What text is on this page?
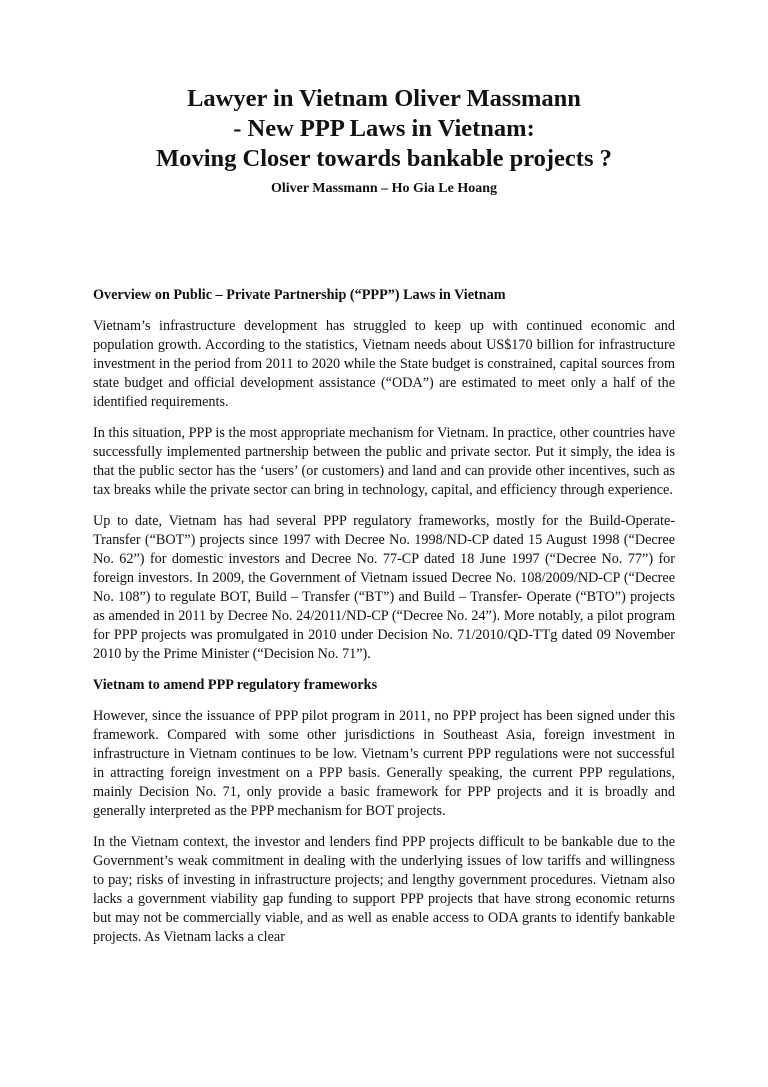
Lawyer in Vietnam Oliver Massmann

- New PPP Laws in Vietnam:

Moving Closer towards bankable projects ?

Oliver Massmann – Ho Gia Le Hoang

Overview on Public – Private Partnership (“PPP”) Laws in Vietnam

Vietnam’s infrastructure development has struggled to keep up with continued economic and population growth. According to the statistics, Vietnam needs about US$170 billion for infrastructure investment in the period from 2011 to 2020 while the State budget is constrained, capital sources from state budget and official development assistance (“ODA”) are estimated to meet only a half of the identified requirements.

In this situation, PPP is the most appropriate mechanism for Vietnam. In practice, other countries have successfully implemented partnership between the public and private sector. Put it simply, the idea is that the public sector has the ‘users’ (or customers) and land and can provide other incentives, such as tax breaks while the private sector can bring in technology, capital, and efficiency through experience.

Up to date, Vietnam has had several PPP regulatory frameworks, mostly for the Build-Operate-Transfer (“BOT”) projects since 1997 with Decree No. 1998/ND-CP dated 15 August 1998 (“Decree No. 62”) for domestic investors and Decree No. 77-CP dated 18 June 1997 (“Decree No. 77”) for foreign investors. In 2009, the Government of Vietnam issued Decree No. 108/2009/ND-CP (“Decree No. 108”) to regulate BOT, Build – Transfer (“BT”) and Build – Transfer- Operate (“BTO”) projects as amended in 2011 by Decree No. 24/2011/ND-CP (“Decree No. 24”). More notably, a pilot program for PPP projects was promulgated in 2010 under Decision No. 71/2010/QD-TTg dated 09 November 2010 by the Prime Minister (“Decision No. 71”).

Vietnam to amend PPP regulatory frameworks

However, since the issuance of PPP pilot program in 2011, no PPP project has been signed under this framework. Compared with some other jurisdictions in Southeast Asia, foreign investment in infrastructure in Vietnam continues to be low. Vietnam’s current PPP regulations were not successful in attracting foreign investment on a PPP basis. Generally speaking, the current PPP regulations, mainly Decision No. 71, only provide a basic framework for PPP projects and it is broadly and generally interpreted as the PPP mechanism for BOT projects.

In the Vietnam context, the investor and lenders find PPP projects difficult to be bankable due to the Government’s weak commitment in dealing with the underlying issues of low tariffs and willingness to pay; risks of investing in infrastructure projects; and lengthy government procedures. Vietnam also lacks a government viability gap funding to support PPP projects that have strong economic returns but may not be commercially viable, and as well as enable access to ODA grants to identify bankable projects. As Vietnam lacks a clear
